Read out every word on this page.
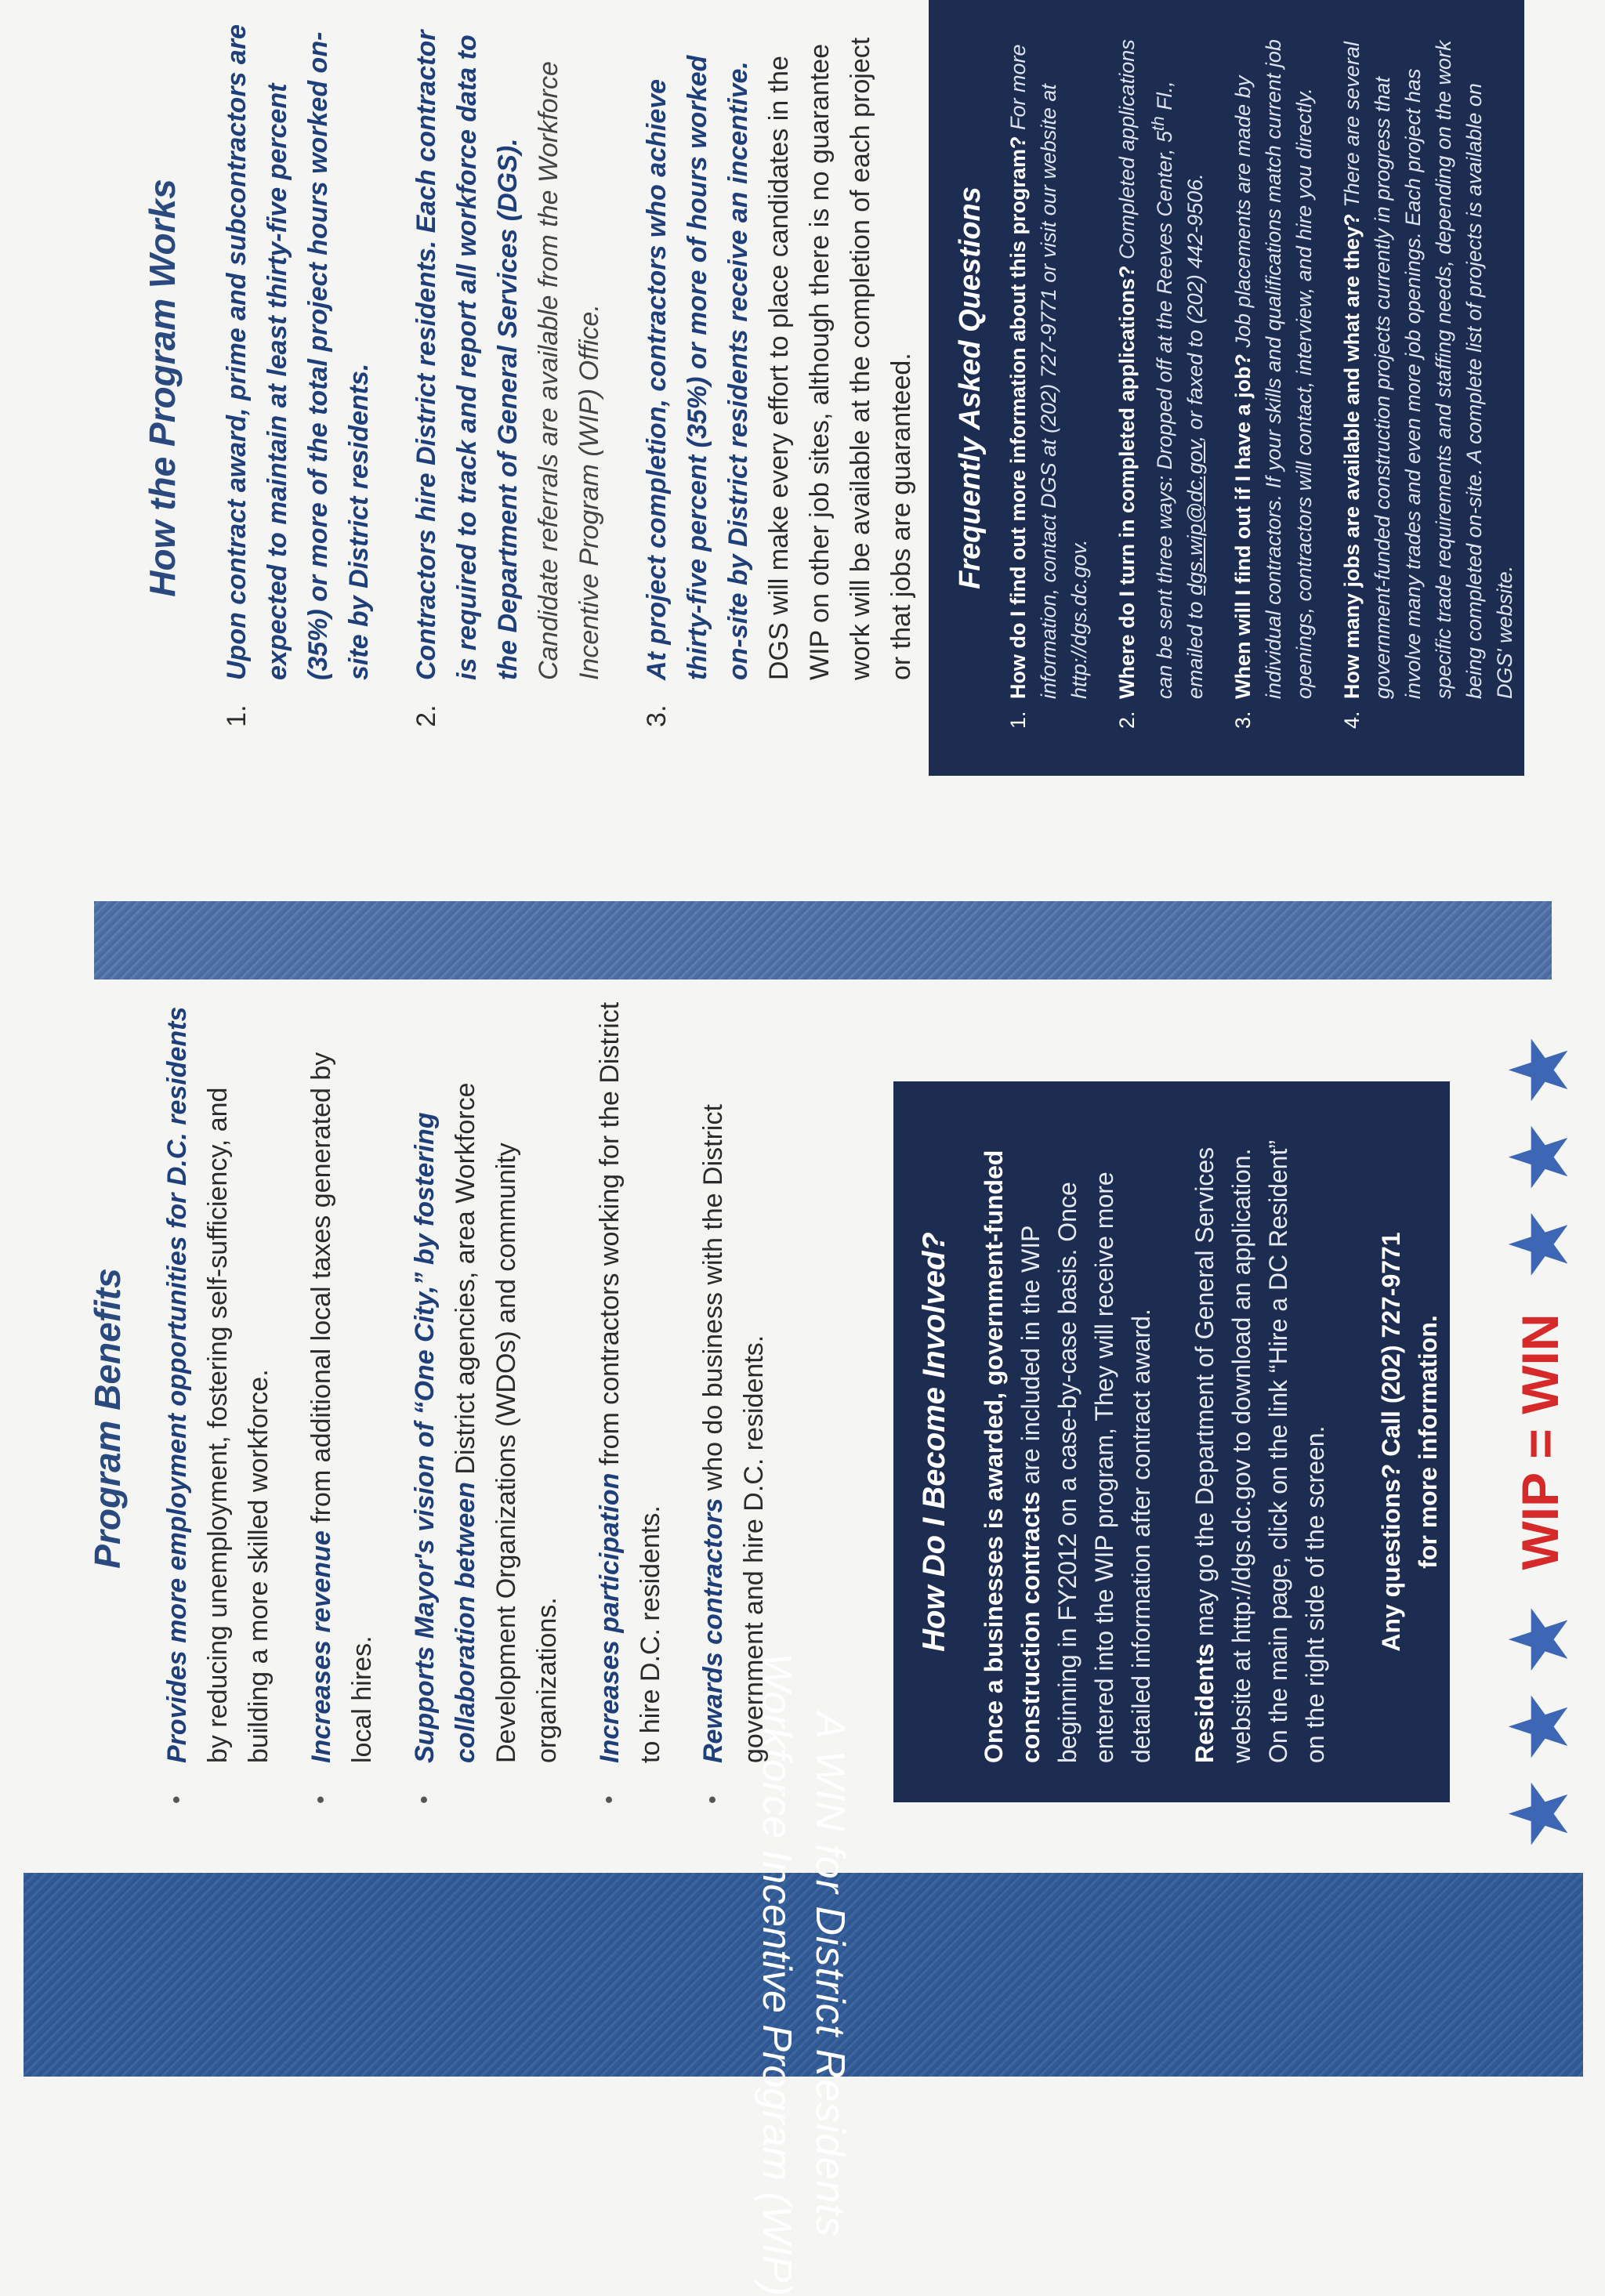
A WIN for District Residents
Workforce Incentive Program (WIP)
Program Benefits
•
Provides more employment opportunities for D.C. residents by reducing unemployment, fostering self-sufficiency, and building a more skilled workforce.
•
Increases revenue from additional local taxes generated by local hires.
•
Supports Mayor's vision of “One City,” by fostering collaboration between District agencies, area Workforce Development Organizations (WDOs) and community organizations.
•
Increases participation from contractors working for the District to hire D.C. residents.
•
Rewards contractors who do business with the District government and hire D.C. residents.	How Do I Become Involved? Once a businesses is awarded, government-funded construction contracts are included in the WIP beginning in FY2012 on a case-by-case basis. Once entered into the WIP program, They will receive more detailed information after contract award. Residents may go the Department of General Services website at http://dgs.dc.gov to download an application. On the main page, click on the link “Hire a DC Resident” on the right side of the screen. Any questions? Call (202) 727-9771 for more information.

★
★
★
WIP = WIN
★
★
★
How the Program Works 1. Upon contract award, prime and subcontractors are expected to maintain at least thirty-five percent (35%) or more of the total project hours worked on-site by District residents. 2. Contractors hire District residents. Each contractor is required to track and report all workforce data to the Department of General Services (DGS). Candidate referrals are available from the Workforce Incentive Program (WIP) Office. 3. At project completion, contractors who achieve thirty-five percent (35%) or more of hours worked on-site by District residents receive an incentive. DGS will make every effort to place candidates in the WIP on other job sites, although there is no guarantee work will be available at the completion of each project or that jobs are guaranteed. Frequently Asked Questions 1. How do I find out more information about this program? For more information, contact DGS at (202) 727-9771 or visit our website at http://dgs.dc.gov. 2. Where do I turn in completed applications? Completed applications can be sent three ways: Dropped off at the Reeves Center, 5th Fl., emailed to dgs.wip@dc.gov, or faxed to (202) 442-9506.
3. When will I find out if I have a job? Job placements are made by individual contractors. If your skills and qualifications match current job openings, contractors will contact, interview, and hire you directly. 4. How many jobs are available and what are they? There are several government-funded construction projects currently in progress that involve many trades and even more job openings. Each project has specific trade requirements and staffing needs, depending on the work being completed on-site. A complete list of projects is available on DGS' website.
